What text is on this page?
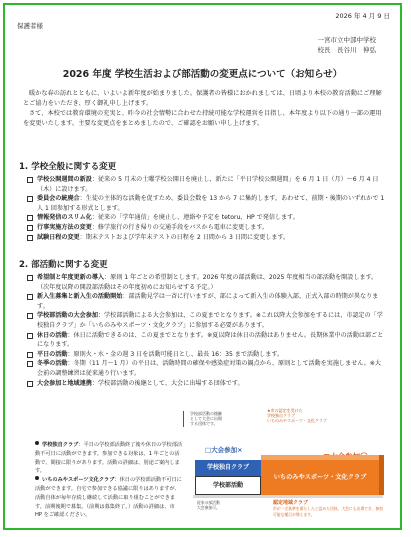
2026 年 4 月 9 日
保護者様
一宮市立中部中学校
校長　長谷川　伸弘
2026 年度 学校生活および部活動の変更点について（お知らせ）

暖かな春の訪れとともに、いよいよ新年度が始まりました。保護者の皆様におかれましては、日頃より本校の教育活動にご理解とご協力をいただき、厚く御礼申し上げます。

さて、本校では教育環境の充実と、昨今の社会情勢に合わせた持続可能な学校運営を目指し、本年度より以下の通り一部の運用を変更いたします。主要な変更点をまとめましたので、ご確認をお願い申し上げます。

1. 学校全般に関する変更
学校公開週間の新設：従来の 5 月末の土曜学校公開日を廃止し、新たに「平日学校公開週間」を 6 月 1 日（月）～6 月 4 日（木）に設けます。
委員会の統廃合：生徒の主体的な活動を促すため、委員会数を 13 から 7 に集約します。あわせて、前期・後期のいずれかで 1 人 1 回参加する形式とします。
情報発信のスリム化：従来の「学年通信」を廃止し、連絡や予定を tetoru、HP で発信します。
行事実施方法の変更：修学旅行の行き帰りの交通手段をバスから電車に変更します。
試験日程の変更：期末テストおよび学年末テストの日程を 2 日間から 3 日間に変更します。
2. 部活動に関する変更
希望制と年度更新の導入：原則 1 年ごとの希望制とします。2026 年度の部活動は、2025 年度相当の部活動を開設します。（次年度以降の開設部活動はその年度初めにお知らせする予定。）
新入生募集と新入生の活動開始：部活動見学は一斉に行いますが、部によって新入生の体験入部、正式入部の時期が異なります。
学校部活動の大会参加：学校部活動による大会参加は、この夏までとなります。※これ以降大会参加をするには、市認定の「学校独自クラブ」か「いちのみやスポーツ・文化クラブ」に参加する必要があります。
休日の活動：休日に活動できるのは、この夏までとなります。※夏以降は休日の活動はありません。長期休業中の活動は部ごとになります。
平日の活動：原則火・水・金の週 3 日を活動可能日とし、最長 16：35 まで活動します。
冬季の活動：冬期（11 月～1 月）の平日は、活動時間の確保や感染症対策の観点から、原則として活動を実施しません。※大会前の調整練習は従来通り行います。
大会参加と地域連携：学校部活動の後継として、大会に出場する団体です。
学校独自クラブ：平日の学校部活動終了後や休日の学校部活動不可日に活動ができます。参加できる対象は、1 年ごとの活動で、間接に限りがあります。活動の詳細は、別途ご案内します。
いちのみやスポーツ文化クラブ：休日の学校部活動不可日に活動ができます。自宅で参加できる協議に限りはありますが、活動自体が毎年存続し継続して活動に取り組むことができます。前期後期で募集。（前期は募集終了。）活動の詳細は、市 HP をご確認ください。
学校部活動の後継
として大会に出場
する団体です。
★市の認定を受けた
学校独自クラブ
いちのみやスポーツ・文化クラブ
□大会参加×
学校独自クラブ
学校部活動
いちのみやスポーツ・文化クラブ
従来の部活動
大会参加可。
認定地域クラブ
市が一定基準を満たしたと認めた団体。大会にも出場でき、参加可能な種目が増えます。
